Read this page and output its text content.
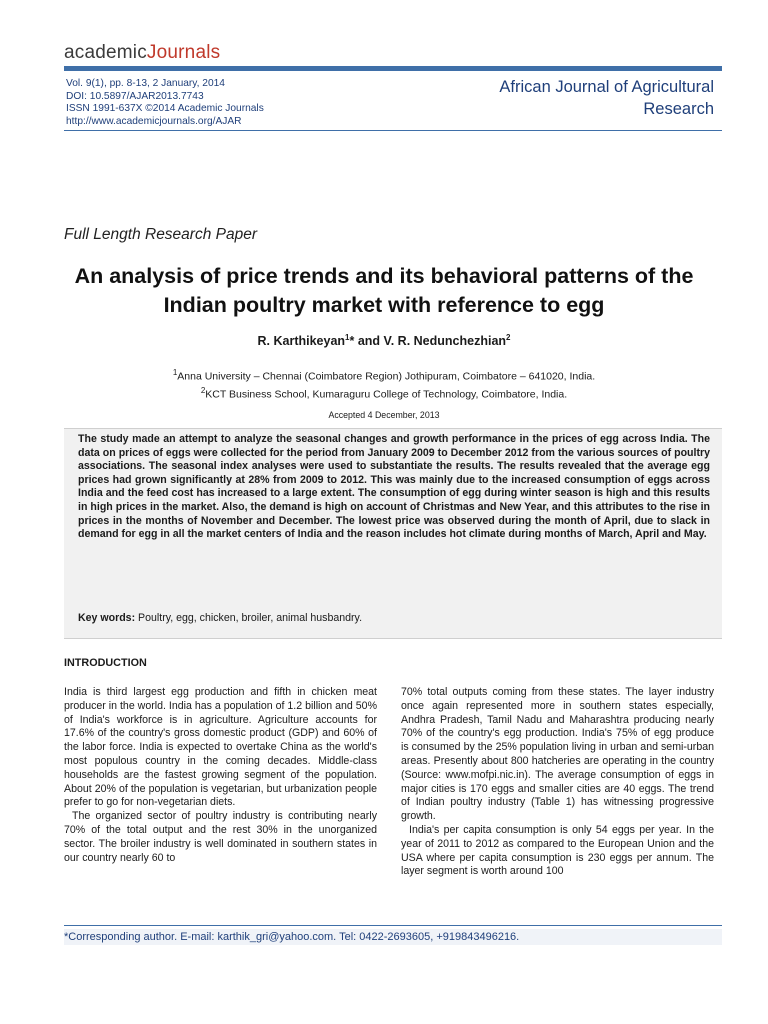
academicJournals
Vol. 9(1), pp. 8-13, 2 January, 2014
DOI: 10.5897/AJAR2013.7743
ISSN 1991-637X ©2014 Academic Journals
http://www.academicjournals.org/AJAR
African Journal of Agricultural
Research
Full Length Research Paper
An analysis of price trends and its behavioral patterns of the Indian poultry market with reference to egg
R. Karthikeyan$^1$* and V. R. Nedunchezhian$^2$
$^1$Anna University – Chennai (Coimbatore Region) Jothipuram, Coimbatore – 641020, India.
$^2$KCT Business School, Kumaraguru College of Technology, Coimbatore, India.
Accepted 4 December, 2013
The study made an attempt to analyze the seasonal changes and growth performance in the prices of egg across India. The data on prices of eggs were collected for the period from January 2009 to December 2012 from the various sources of poultry associations. The seasonal index analyses were used to substantiate the results. The results revealed that the average egg prices had grown significantly at 28% from 2009 to 2012. This was mainly due to the increased consumption of eggs across India and the feed cost has increased to a large extent. The consumption of egg during winter season is high and this results in high prices in the market. Also, the demand is high on account of Christmas and New Year, and this attributes to the rise in prices in the months of November and December. The lowest price was observed during the month of April, due to slack in demand for egg in all the market centers of India and the reason includes hot climate during months of March, April and May.
Key words: Poultry, egg, chicken, broiler, animal husbandry.
INTRODUCTION

India is third largest egg production and fifth in chicken meat producer in the world. India has a population of 1.2 billion and 50% of India's workforce is in agriculture. Agriculture accounts for 17.6% of the country's gross domestic product (GDP) and 60% of the labor force. India is expected to overtake China as the world's most populous country in the coming decades. Middle-class households are the fastest growing segment of the population. About 20% of the population is vegetarian, but urbanization people prefer to go for non-vegetarian diets.

The organized sector of poultry industry is contributing nearly 70% of the total output and the rest 30% in the unorganized sector. The broiler industry is well dominated in southern states in our country nearly 60 to

70% total outputs coming from these states. The layer industry once again represented more in southern states especially, Andhra Pradesh, Tamil Nadu and Maharashtra producing nearly 70% of the country's egg production. India's 75% of egg produce is consumed by the 25% population living in urban and semi-urban areas. Presently about 800 hatcheries are operating in the country (Source: www.mofpi.nic.in). The average consumption of eggs in major cities is 170 eggs and smaller cities are 40 eggs. The trend of Indian poultry industry (Table 1) has witnessing progressive growth.

India's per capita consumption is only 54 eggs per year. In the year of 2011 to 2012 as compared to the European Union and the USA where per capita consumption is 230 eggs per annum. The layer segment is worth around 100

*Corresponding author. E-mail: karthik_gri@yahoo.com. Tel: 0422-2693605, +919843496216.
